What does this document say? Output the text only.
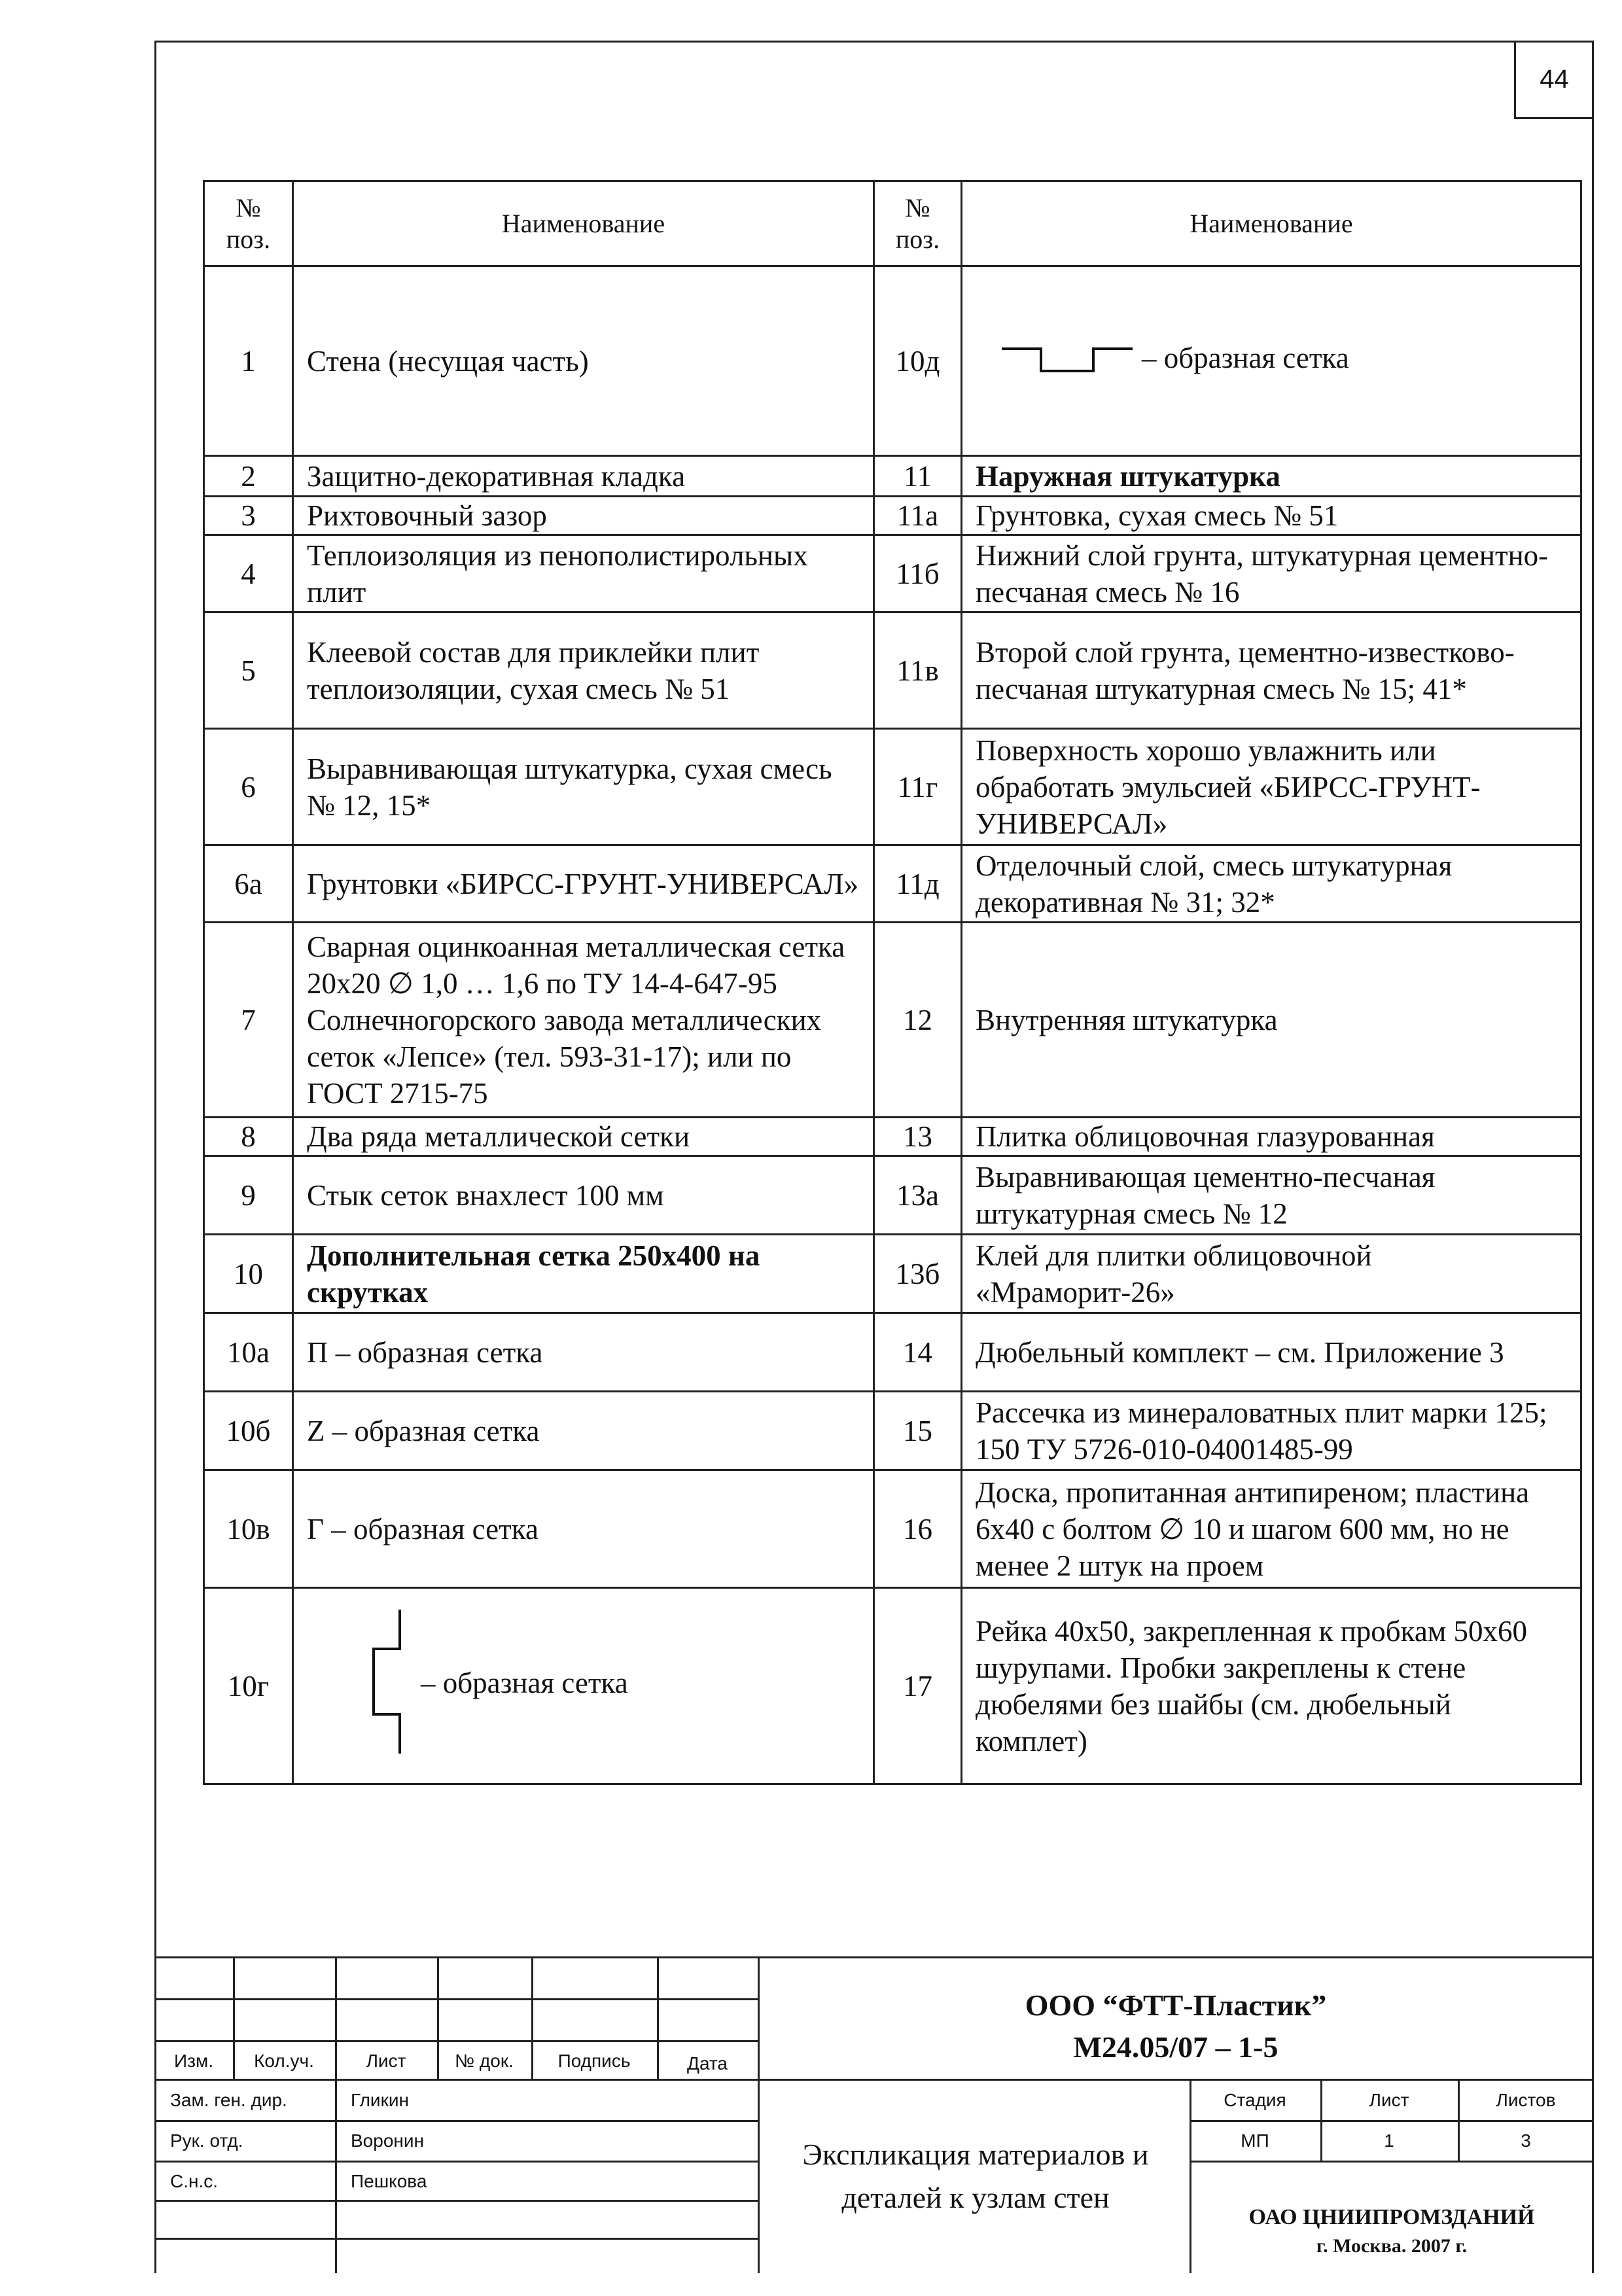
44
№ поз.	Наименование	№ поз.	Наименование
1	Стена (несущая часть)	10д	– образная сетка
2	Защитно-декоративная кладка	11	Наружная штукатурка
3	Рихтовочный зазор	11а	Грунтовка, сухая смесь № 51
4	Теплоизоляция из пенополистирольных плит	11б	Нижний слой грунта, штукатурная цементно-песчаная смесь № 16
5	Клеевой состав для приклейки плит теплоизоляции, сухая смесь № 51	11в	Второй слой грунта, цементно-известково-песчаная штукатурная смесь № 15; 41*
6	Выравнивающая штукатурка, сухая смесь № 12, 15*	11г	Поверхность хорошо увлажнить или обработать эмульсией «БИРСС-ГРУНТ-УНИВЕРСАЛ»
6а	Грунтовки «БИРСС-ГРУНТ-УНИВЕРСАЛ»	11д	Отделочный слой, смесь штукатурная декоративная № 31; 32*
7	Сварная оцинкоанная металлическая сетка 20х20 ∅ 1,0 … 1,6 по ТУ 14-4-647-95 Солнечногорского завода металлических сеток «Лепсе» (тел. 593-31-17); или по ГОСТ 2715-75	12	Внутренняя штукатурка
8	Два ряда металлической сетки	13	Плитка облицовочная глазурованная
9	Стык сеток внахлест 100 мм	13а	Выравнивающая цементно-песчаная штукатурная смесь № 12
10	Дополнительная сетка 250х400 на скрутках	13б	Клей для плитки облицовочной «Мраморит-26»
10а	П – образная сетка	14	Дюбельный комплект – см. Приложение 3
10б	Z – образная сетка	15	Рассечка из минераловатных плит марки 125; 150 ТУ 5726-010-04001485-99
10в	Г – образная сетка	16	Доска, пропитанная антипиреном; пластина 6х40 с болтом ∅ 10 и шагом 600 мм, но не менее 2 штук на проем
10г	– образная сетка	17	Рейка 40х50, закрепленная к пробкам 50х60 шурупами. Пробки закреплены к стене дюбелями без шайбы (см. дюбельный комплет)
Изм.	Кол.уч.	Лист	№ док.	Подпись	Дата
Зам. ген. дир.	Гликин
Рук. отд.	Воронин
С.н.с.	Пешкова
ООО “ФТТ-Пластик”
М24.05/07 – 1-5
Экспликация материалов и деталей к узлам стен
Стадия	Лист	Листов
МП	1	3
ОАО ЦНИИПРОМЗДАНИЙ
г. Москва. 2007 г.
